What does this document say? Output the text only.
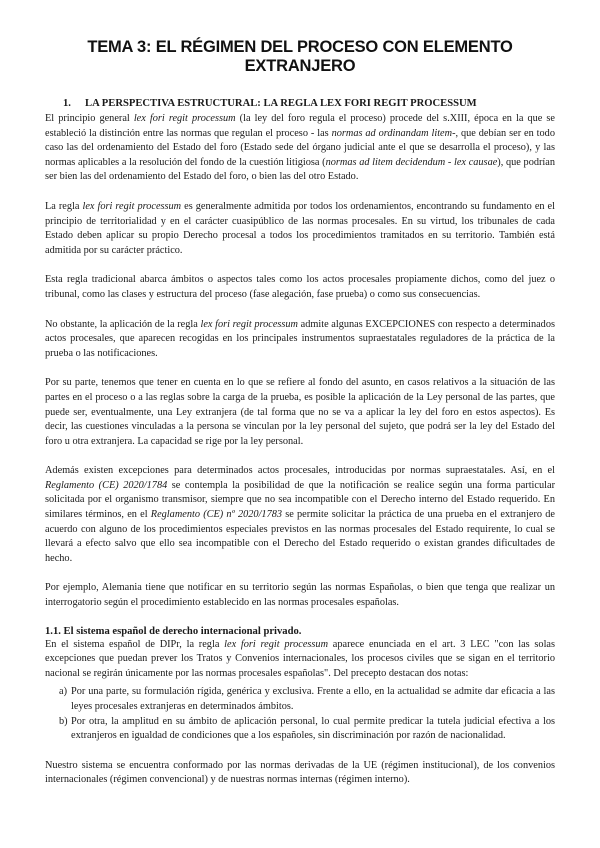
TEMA 3: EL RÉGIMEN DEL PROCESO CON ELEMENTO EXTRANJERO
1. LA PERSPECTIVA ESTRUCTURAL: LA REGLA LEX FORI REGIT PROCESSUM

El principio general lex fori regit processum (la ley del foro regula el proceso) procede del s.XIII, época en la que se estableció la distinción entre las normas que regulan el proceso - las normas ad ordinandam litem-, que debían ser en todo caso las del ordenamiento del Estado del foro (Estado sede del órgano judicial ante el que se desarrolla el proceso), y las normas aplicables a la resolución del fondo de la cuestión litigiosa (normas ad litem decidendum - lex causae), que podrían ser bien las del ordenamiento del Estado del foro, o bien las del otro Estado.

La regla lex fori regit processum es generalmente admitida por todos los ordenamientos, encontrando su fundamento en el principio de territorialidad y en el carácter cuasipúblico de las normas procesales. En su virtud, los tribunales de cada Estado deben aplicar su propio Derecho procesal a todos los procedimientos tramitados en su territorio. También está admitida por su carácter práctico.

Esta regla tradicional abarca ámbitos o aspectos tales como los actos procesales propiamente dichos, como del juez o tribunal, como las clases y estructura del proceso (fase alegación, fase prueba) o como sus consecuencias.

No obstante, la aplicación de la regla lex fori regit processum admite algunas EXCEPCIONES con respecto a determinados actos procesales, que aparecen recogidas en los principales instrumentos supraestatales reguladores de la práctica de la prueba o las notificaciones.

Por su parte, tenemos que tener en cuenta en lo que se refiere al fondo del asunto, en casos relativos a la situación de las partes en el proceso o a las reglas sobre la carga de la prueba, es posible la aplicación de la Ley personal de las partes, que puede ser, eventualmente, una Ley extranjera (de tal forma que no se va a aplicar la ley del foro en estos aspectos). Es decir, las cuestiones vinculadas a la persona se vinculan por la ley personal del sujeto, que podrá ser la ley del Estado del foro u otra extranjera. La capacidad se rige por la ley personal.

Además existen excepciones para determinados actos procesales, introducidas por normas supraestatales. Así, en el Reglamento (CE) 2020/1784 se contempla la posibilidad de que la notificación se realice según una forma particular solicitada por el organismo transmisor, siempre que no sea incompatible con el Derecho interno del Estado requerido. En similares términos, en el Reglamento (CE) nº 2020/1783 se permite solicitar la práctica de una prueba en el extranjero de acuerdo con alguno de los procedimientos especiales previstos en las normas procesales del Estado requirente, lo cual se llevará a efecto salvo que ello sea incompatible con el Derecho del Estado requerido o existan grandes dificultades de hecho.

Por ejemplo, Alemania tiene que notificar en su territorio según las normas Españolas, o bien que tenga que realizar un interrogatorio según el procedimiento establecido en las normas procesales españolas.

1.1. El sistema español de derecho internacional privado.

En el sistema español de DIPr, la regla lex fori regit processum aparece enunciada en el art. 3 LEC "con las solas excepciones que puedan prever los Tratos y Convenios internacionales, los procesos civiles que se sigan en el territorio nacional se regirán únicamente por las normas procesales españolas". Del precepto destacan dos notas:

a) Por una parte, su formulación rígida, genérica y exclusiva. Frente a ello, en la actualidad se admite dar eficacia a las leyes procesales extranjeras en determinados ámbitos.
b) Por otra, la amplitud en su ámbito de aplicación personal, lo cual permite predicar la tutela judicial efectiva a los extranjeros en igualdad de condiciones que a los españoles, sin discriminación por razón de nacionalidad.

Nuestro sistema se encuentra conformado por las normas derivadas de la UE (régimen institucional), de los convenios internacionales (régimen convencional) y de nuestras normas internas (régimen interno).
